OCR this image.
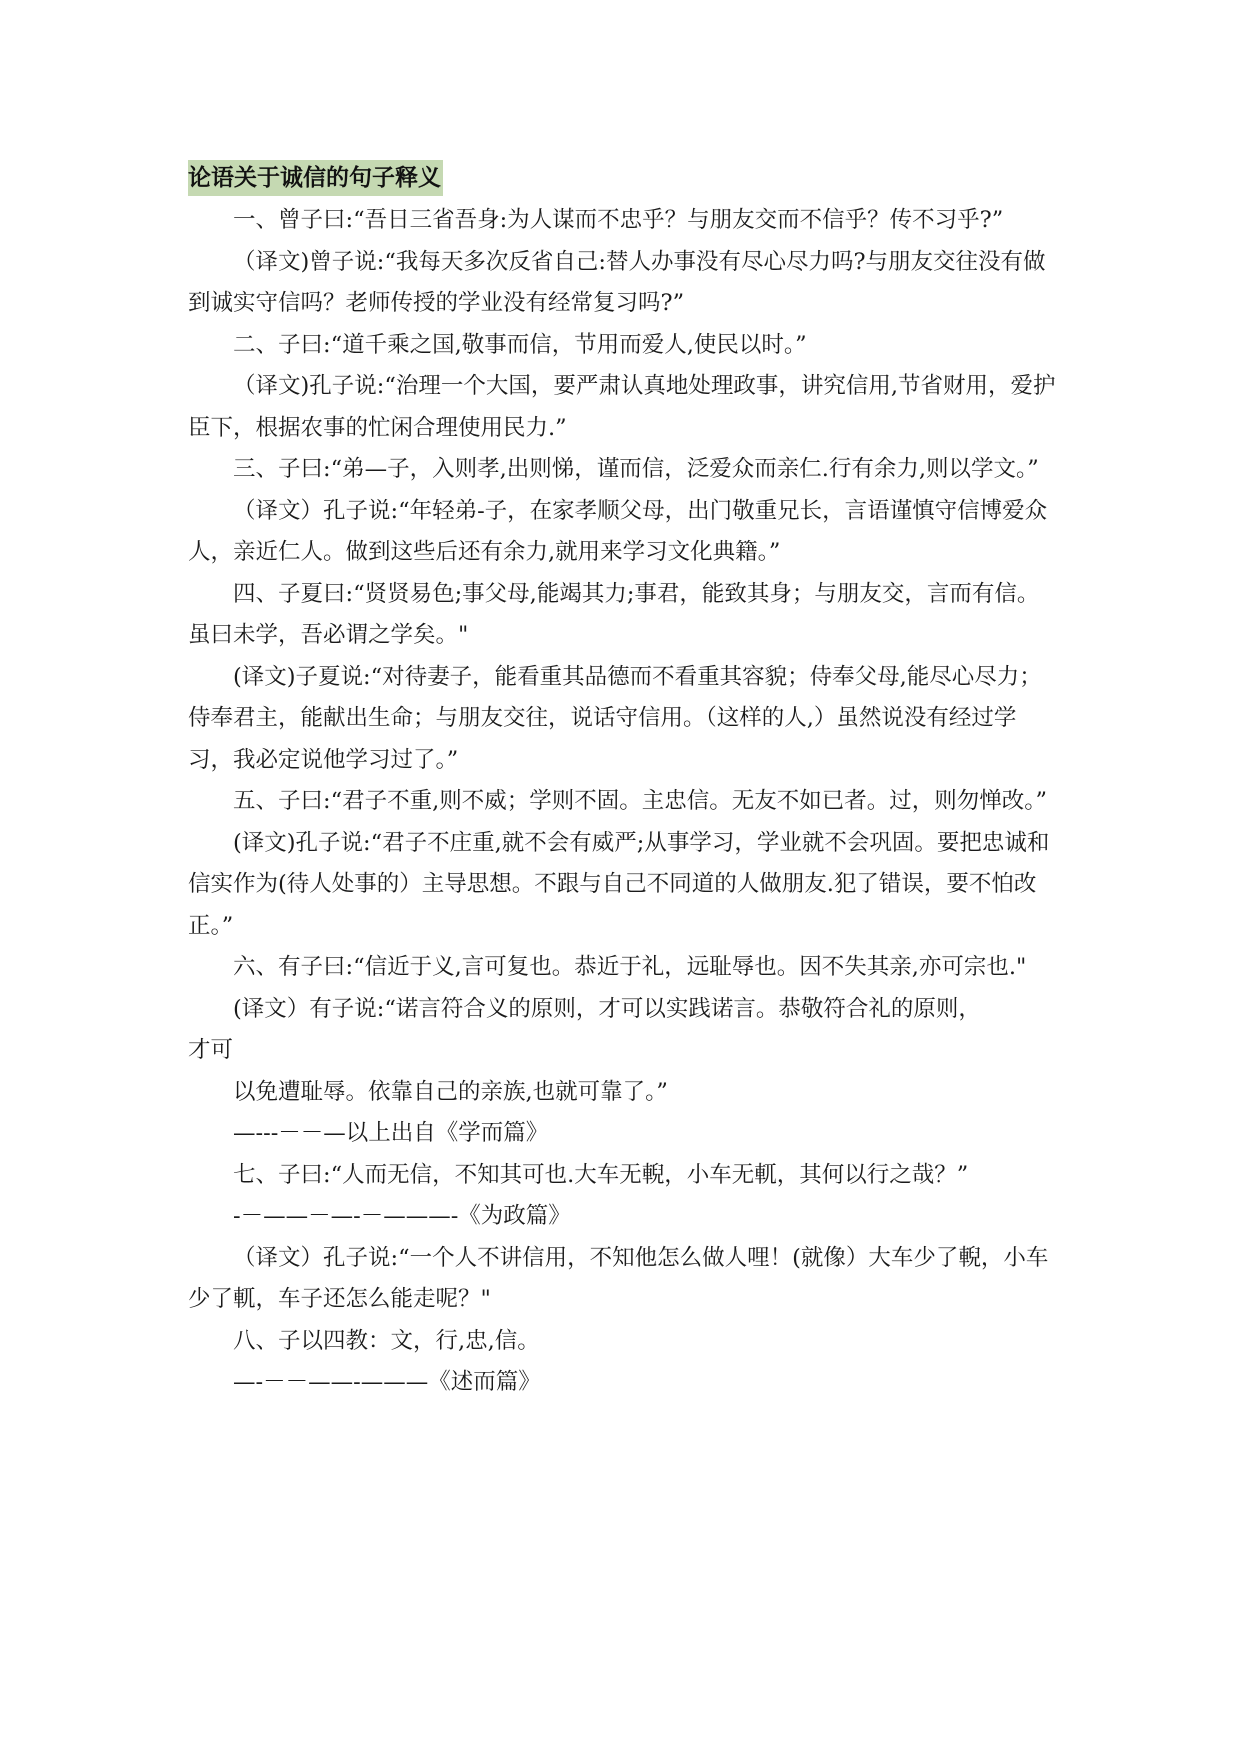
论语关于诚信的句子释义

一、曾子曰:“吾日三省吾身:为人谋而不忠乎？与朋友交而不信乎？传不习乎?”

（译文)曾子说:“我每天多次反省自己:替人办事没有尽心尽力吗?与朋友交往没有做到诚实守信吗？老师传授的学业没有经常复习吗?”

二、子曰:“道千乘之国,敬事而信，节用而爱人,使民以时。”

（译文)孔子说:“治理一个大国，要严肃认真地处理政事，讲究信用,节省财用，爱护臣下，根据农事的忙闲合理使用民力.”

三、子曰:“弟—子，入则孝,出则悌，谨而信，泛爱众而亲仁.行有余力,则以学文。”

（译文）孔子说:“年轻弟-子，在家孝顺父母，出门敬重兄长，言语谨慎守信博爱众人，亲近仁人。做到这些后还有余力,就用来学习文化典籍。”

四、子夏曰:“贤贤易色;事父母,能竭其力;事君，能致其身；与朋友交，言而有信。虽曰未学，吾必谓之学矣。"

(译文)子夏说:“对待妻子，能看重其品德而不看重其容貌；侍奉父母,能尽心尽力；侍奉君主，能献出生命；与朋友交往，说话守信用。（这样的人,）虽然说没有经过学习，我必定说他学习过了。”

五、子曰:“君子不重,则不威；学则不固。主忠信。无友不如已者。过，则勿惮改。”

(译文)孔子说:“君子不庄重,就不会有威严;从事学习，学业就不会巩固。要把忠诚和信实作为(待人处事的）主导思想。不跟与自己不同道的人做朋友.犯了错误，要不怕改正。”

六、有子曰:“信近于义,言可复也。恭近于礼，远耻辱也。因不失其亲,亦可宗也."

(译文）有子说:“诺言符合义的原则，才可以实践诺言。恭敬符合礼的原则，

才可

以免遭耻辱。依靠自己的亲族,也就可靠了。”

—---－－—以上出自《学而篇》

七、子曰:“人而无信，不知其可也.大车无輗，小车无軏，其何以行之哉？”

-－——－—-－———-《为政篇》

（译文）孔子说:“一个人不讲信用，不知他怎么做人哩！(就像）大车少了輗，小车少了軏，车子还怎么能走呢？"

八、子以四教：文，行,忠,信。

—-－－——-———《述而篇》
